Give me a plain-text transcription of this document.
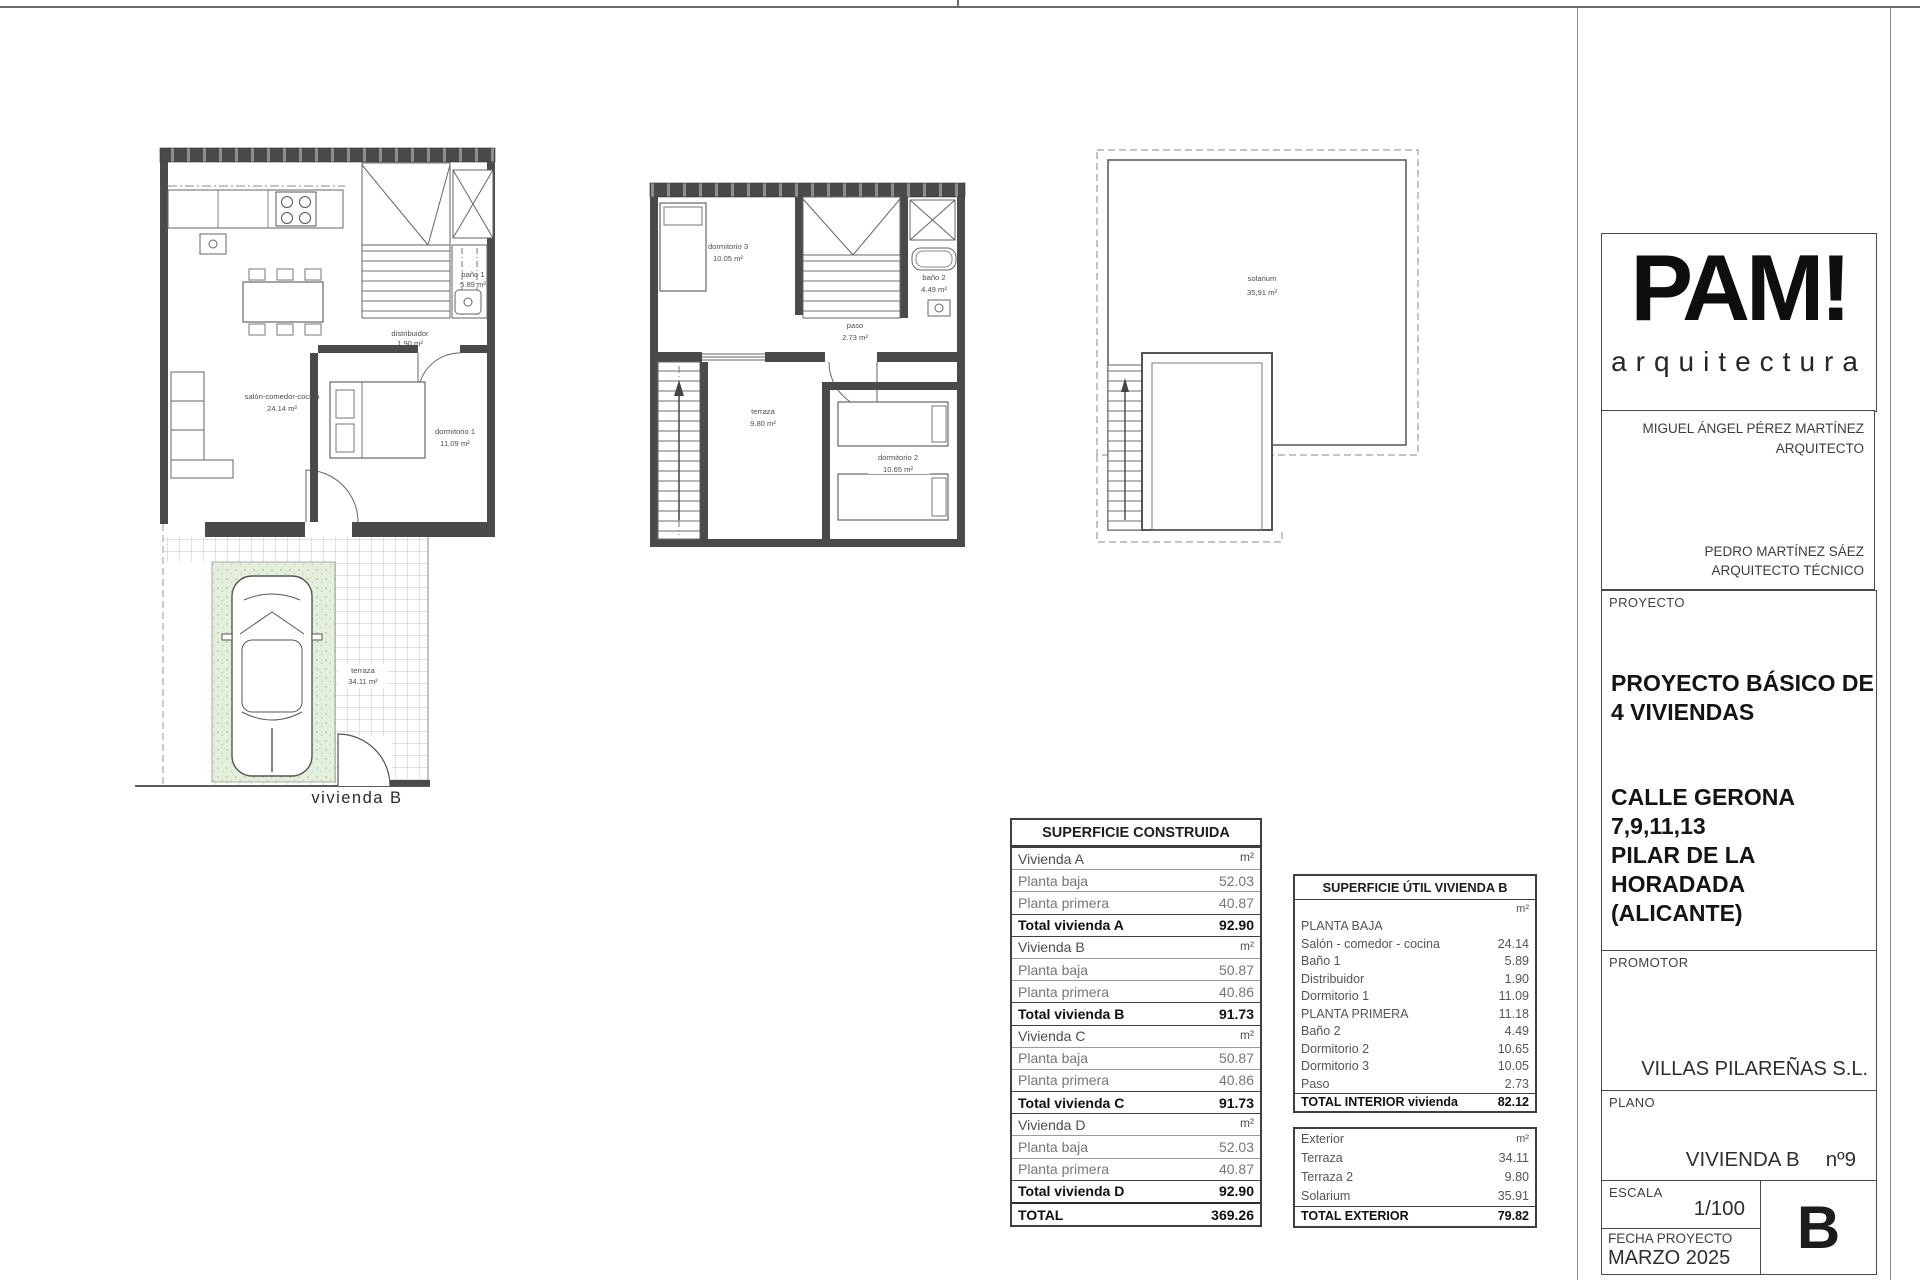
baño 1
5.89 m²
distribuidor
1.90 m²
salón-comedor-cocina
24.14 m²
dormitorio 1
11.09 m²
terraza
34.11 m²
vivienda B
dormitorio 3
10.05 m²
baño 2
4.49 m²
paso
2.73 m²
terraza
9.80 m²
dormitorio 2
10.65 m²
solarium
35,91 m²
SUPERFICIE CONSTRUIDA
Vivienda A	m²
Planta baja	52.03
Planta primera	40.87
Total vivienda A	92.90
Vivienda B	m²
Planta baja	50.87
Planta primera	40.86
Total vivienda B	91.73
Vivienda C	m²
Planta baja	50.87
Planta primera	40.86
Total vivienda C	91.73
Vivienda D	m²
Planta baja	52.03
Planta primera	40.87
Total vivienda D	92.90
TOTAL	369.26
SUPERFICIE ÚTIL VIVIENDA B
m²
PLANTA BAJA
Salón - comedor - cocina	24.14
Baño 1	5.89
Distribuidor	1.90
Dormitorio 1	11.09
PLANTA PRIMERA	11.18
Baño 2	4.49
Dormitorio 2	10.65
Dormitorio 3	10.05
Paso	2.73
TOTAL INTERIOR vivienda	82.12
Exterior	m²
Terraza	34.11
Terraza 2	9.80
Solarium	35.91
TOTAL EXTERIOR	79.82
PAM!
arquitectura
MIGUEL ÁNGEL PÉREZ MARTÍNEZ
ARQUITECTO
PEDRO MARTÍNEZ SÁEZ
ARQUITECTO TÉCNICO
PROYECTO
PROYECTO BÁSICO DE
4 VIVIENDAS
CALLE GERONA
7,9,11,13
PILAR DE LA HORADADA
(ALICANTE)
PROMOTOR
VILLAS PILAREÑAS S.L.
PLANO
VIVIENDA B nº9
ESCALA
1/100
FECHA PROYECTO
MARZO 2025 B
